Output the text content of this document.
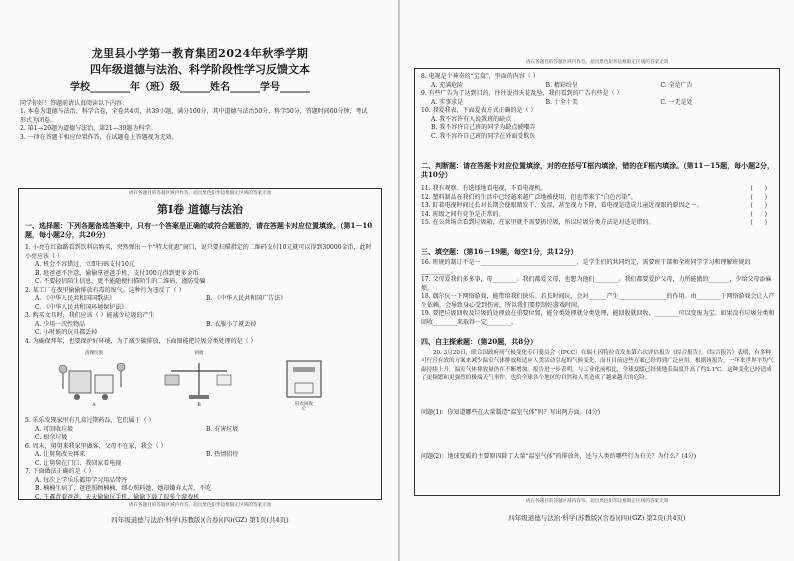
龙里县小学第一教育集团2024年秋季学期
四年级道德与法治、科学阶段性学习反馈文本
学校________年（班）级______姓名______学号______
同学你好！答题前请认真阅读以下内容：
1. 本卷为道德与法治、科学合卷，全卷共4页，共39小题，满分100分，其中道德与法治50分，科学50分，答题时间60分钟，考试形式为闭卷。
2. 第1—20题为道德与法治，第21—39题为科学。
3. 一律在答题卡相应位置作答，在试题卷上答题视为无效。
请在各题目的答题区域内作答，超出黑色矩形边框限定区域的答案无效
第Ⅰ卷 道德与法治
一、选择题：下列各题备选答案中，只有一个答案是正确的或符合题意的，请在答题卡对应位置填涂。（第1－10题，每小题2分，共20分）
1. 小亮在红旗路看到饮料店购买，突然弹出一个“特大优惠”窗口，说只要扫描指定的二维码支付10元就可以得到30000金币，此时小亮应该（ ）
A. 机会不容错过，立即扫码支付10元
B. 趁爸爸不注意，偷偷拿爸爸手机，支付100元得到更多金币
C. 不要轻信陌生信息，更不能随便扫描陌生的二维码，谨防受骗
2. 某工厂在夜里偷偷排放有毒的废气。这种行为违反了（ ）
A. 《中华人民共和国国歌法》	B. 《中华人民共和国广告法》
C. 《中华人民共和国环境保护法》
3. 购买文具时，我们应该（ ）能减少垃圾的产生
A. 少用一次性物品	B. 衣服小了就丢掉
C. 小时候的玩具都丢掉
4. 为确保拜年，也要保护好环境，为了减少碳排放，下面图能把垃圾分类处理的是（ ）
清理垃圾
A
回收
B	旧衣回收
C
5. 乐乐发现家里有几盒过期药品，它们属于（ ）
A. 可回收垃圾	B. 有害垃圾
C. 厨余垃圾
6. 周末，舅舅来我家里做客，父母不在家，我会（ ）
A. 让舅舅改天再来	B. 热情招待
C. 让舅舅在门口，我回家看电视
7. 下面做法正确的是（ ）
A. 每次上学乐乐都用学习用品带齐
B. 楠楠生病了，爸爸照顾楠楠，细心照料她，她却嫌弃太苦，不吃
C. 王鑫背着爸爸，天天偷偷玩手机，偷偷下载了很多个游戏机
请在各题目的答题区域内作答，超出黑色矩形边框限定区域的答案无效
四年级道德与法治·科学(苏教版)(合卷)(四)(GZ) 第1页(共4页)
请在各题目的答题区域内作答，超出黑色矩形边框限定区域的答案无效
8. 电视是个神奇的“宝盒”，里面的内容（ ）
A. 充满危险	B. 精彩纷呈	C. 全是广告
9. 有些广告为了达到目的，往往说得天花乱坠，我们看到的广告有些是（ ）
A. 实事求是	B. 十全十美	C. 一无是处
10. 我爱我表，下面爱表方式正确的是（ ）
A. 我不容许有人说我班的缺点
B. 我不容许自己班的同学为缺点被嘲弄
C. 我不容许自己班的同学在外面受欺负
二、判断题：请在答题卡对应位置填涂，对的在括号T框内填涂，错的在F框内填涂。（第11－15题，每小题2分，共10分）
11. 我有观察、有选择地看电视，不看电视机。	(　　)
12. 塑料制品在我们的生活中已经越来越广泛地被使用，但也带来了“白色污染”。	(　　)
13. 盯着电视时间过长对长期会使眼睛发干、发涩，甚至视力下降，看电视是造成儿童近视眼的原因之一。	(　　)
14. 班级之间有竞争是正常的。	(　　)
15. 在公共场合看到垃圾箱，在家里就不需要扔垃圾，所以垃圾分类方法是对还是错的。	(　　)
三、填空题：（第16－19题，每空1分，共12分）
16. 班规的制订不是一________________________________，是学生们的共同约定，需要班干部和全班同学学习和理解班规的__________。
17. 父母爱我们多多事，母________。我们都爱父母，也想为他们________。我们都要爱护父母，力所能做的_______，少给父母添麻烦。
18. 偶尔玩一下网络游戏，能带给我们快乐。若长时间玩，会对______产生________________的作用。由________于网络游戏会让人产生依赖，会导致身心受到伤害，所以我们要控制好游戏时间。
19. 要把垃圾回收及垃圾的处理放在重要位置，能分类处理就分类处理，能回收就回收，________可以变废为宝。如果没有垃圾分类和回收________来取得一定________。
四、自主探索题：（第20题，共8分）
20. 3月20日，联合国政府间气候变化专门委员会（IPCC）在瑞士因特拉肯发布第六次评估报告《综合报告》。《综合报告》表明，有多种可行且有效的方案来减少温室气体排放和适应人类活动引起的气候变化，而且目前这些方案已经得到广泛应用。根据该报告，一年来世界平均气温持续上升，温室气体排放量仍在不断增加。报告进一步表明，与工业化前相比，全球变暖已经使地表温度升高了约1.1℃。这种变化已经造成了更频繁和更强烈的极端天气事件，也给全球各个地区的自然和人类造成了越来越大的危险。
问题(1)：你知道哪些在大量制造“温室气体”吗？写出两方面。(4分)
问题(2)：地球变暖的主要原因除了大量“温室气体”的排放外，还与人类的哪些行为有关？为什么？(4分)
请在各题目的答题区域内作答，超出黑色矩形边框限定区域的答案无效
四年级道德与法治·科学(苏教版)(合卷)(四)(GZ) 第2页(共4页)
